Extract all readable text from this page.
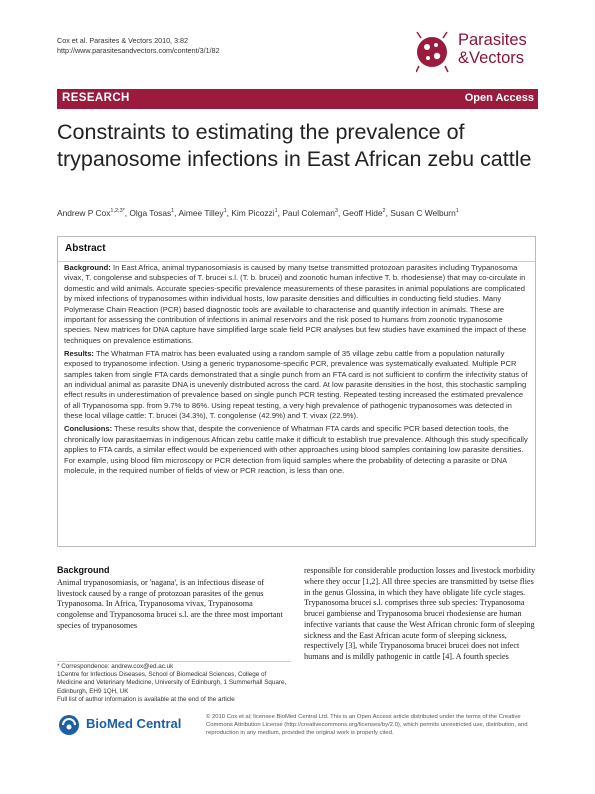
Cox et al. Parasites & Vectors 2010, 3:82
http://www.parasitesandvectors.com/content/3/1/82
Parasites
&Vectors
RESEARCH	Open Access
Constraints to estimating the prevalence of trypanosome infections in East African zebu cattle
Andrew P Cox$^{1,2,3*}$, Olga Tosas$^1$, Aimee Tilley$^1$, Kim Picozzi$^1$, Paul Coleman$^3$, Geoff Hide$^2$, Susan C Welburn$^1$
Abstract

Background: In East Africa, animal trypanosomiasis is caused by many tsetse transmitted protozoan parasites including Trypanosoma vivax, T. congolense and subspecies of T. brucei s.l. (T. b. brucei) and zoonotic human infective T. b. rhodesiense) that may co-circulate in domestic and wild animals. Accurate species-specific prevalence measurements of these parasites in animal populations are complicated by mixed infections of trypanosomes within individual hosts, low parasite densities and difficulties in conducting field studies. Many Polymerase Chain Reaction (PCR) based diagnostic tools are available to characterise and quantify infection in animals. These are important for assessing the contribution of infections in animal reservoirs and the risk posed to humans from zoonotic trypanosome species. New matrices for DNA capture have simplified large scale field PCR analyses but few studies have examined the impact of these techniques on prevalence estimations.

Results: The Whatman FTA matrix has been evaluated using a random sample of 35 village zebu cattle from a population naturally exposed to trypanosome infection. Using a generic trypanosome-specific PCR, prevalence was systematically evaluated. Multiple PCR samples taken from single FTA cards demonstrated that a single punch from an FTA card is not sufficient to confirm the infectivity status of an individual animal as parasite DNA is unevenly distributed across the card. At low parasite densities in the host, this stochastic sampling effect results in underestimation of prevalence based on single punch PCR testing. Repeated testing increased the estimated prevalence of all Trypanosoma spp. from 9.7% to 86%. Using repeat testing, a very high prevalence of pathogenic trypanosomes was detected in these local village cattle: T. brucei (34.3%), T. congolense (42.9%) and T. vivax (22.9%).

Conclusions: These results show that, despite the convenience of Whatman FTA cards and specific PCR based detection tools, the chronically low parasitaemias in indigenous African zebu cattle make it difficult to establish true prevalence. Although this study specifically applies to FTA cards, a similar effect would be experienced with other approaches using blood samples containing low parasite densities. For example, using blood film microscopy or PCR detection from liquid samples where the probability of detecting a parasite or DNA molecule, in the required number of fields of view or PCR reaction, is less than one.

Background

Animal trypanosomiasis, or 'nagana', is an infectious disease of livestock caused by a range of protozoan parasites of the genus Trypanosoma. In Africa, Trypanosoma vivax, Trypanosoma congolense and Trypanosoma brucei s.l. are the three most important species of trypanosomes

responsible for considerable production losses and livestock morbidity where they occur [1,2]. All three species are transmitted by tsetse flies in the genus Glossina, in which they have obligate life cycle stages. Trypanosoma brucei s.l. comprises three sub species: Trypanosoma brucei gambiense and Trypanosoma brucei rhodesiense are human infective variants that cause the West African chronic form of sleeping sickness and the East African acute form of sleeping sickness, respectively [3], while Trypanosoma brucei brucei does not infect humans and is mildly pathogenic in cattle [4]. A fourth species

* Correspondence: andrew.cox@ed.ac.uk

1Centre for Infectious Diseases, School of Biomedical Sciences, College of Medicine and Veterinary Medicine, University of Edinburgh, 1 Summerhall Square, Edinburgh, EH9 1QH, UK

Full list of author information is available at the end of the article

BioMed Central	© 2010 Cox et al; licensee BioMed Central Ltd. This is an Open Access article distributed under the terms of the Creative Commons Attribution License (http://creativecommons.org/licenses/by/2.0), which permits unrestricted use, distribution, and reproduction in any medium, provided the original work is properly cited.
